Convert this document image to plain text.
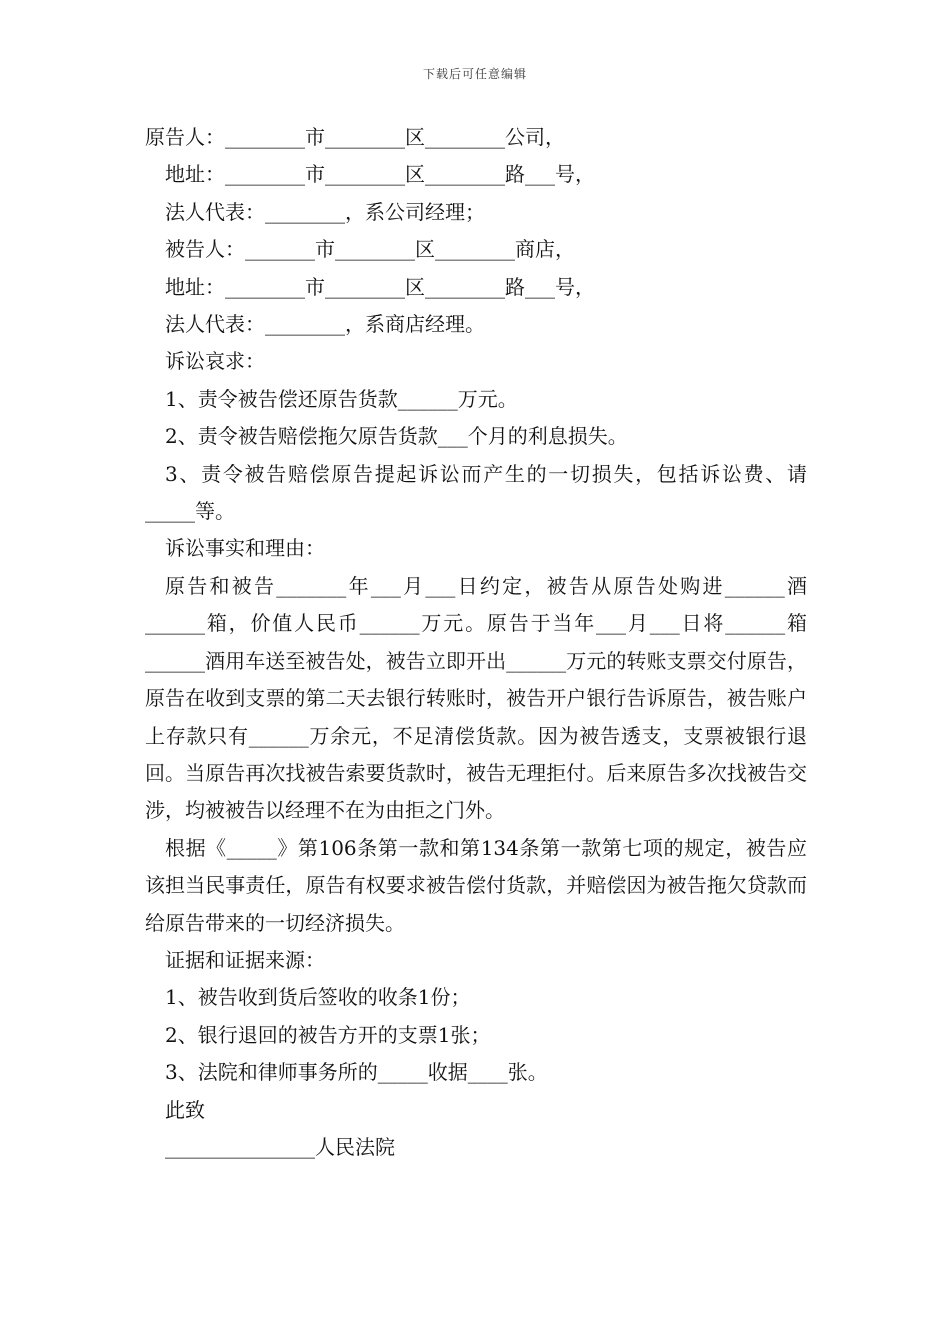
下载后可任意编辑
原告人：________市________区________公司，
地址：________市________区________路___号，
法人代表：________，系公司经理；
被告人：_______市________区________商店，
地址：________市________区________路___号，
法人代表：________，系商店经理。
诉讼哀求：
1、责令被告偿还原告货款______万元。
2、责令被告赔偿拖欠原告货款___个月的利息损失。
3、责令被告赔偿原告提起诉讼而产生的一切损失，包括诉讼费、请_____等。
诉讼事实和理由：
原告和被告_______年___月___日约定，被告从原告处购进______酒______箱，价值人民币______万元。原告于当年___月___日将______箱______酒用车送至被告处，被告立即开出______万元的转账支票交付原告，原告在收到支票的第二天去银行转账时，被告开户银行告诉原告，被告账户上存款只有______万余元，不足清偿货款。因为被告透支，支票被银行退回。当原告再次找被告索要货款时，被告无理拒付。后来原告多次找被告交涉，均被被告以经理不在为由拒之门外。
根据《_____》第106条第一款和第134条第一款第七项的规定，被告应该担当民事责任，原告有权要求被告偿付货款，并赔偿因为被告拖欠贷款而给原告带来的一切经济损失。
证据和证据来源：
1、被告收到货后签收的收条1份；
2、银行退回的被告方开的支票1张；
3、法院和律师事务所的_____收据____张。
此致
_______________人民法院
